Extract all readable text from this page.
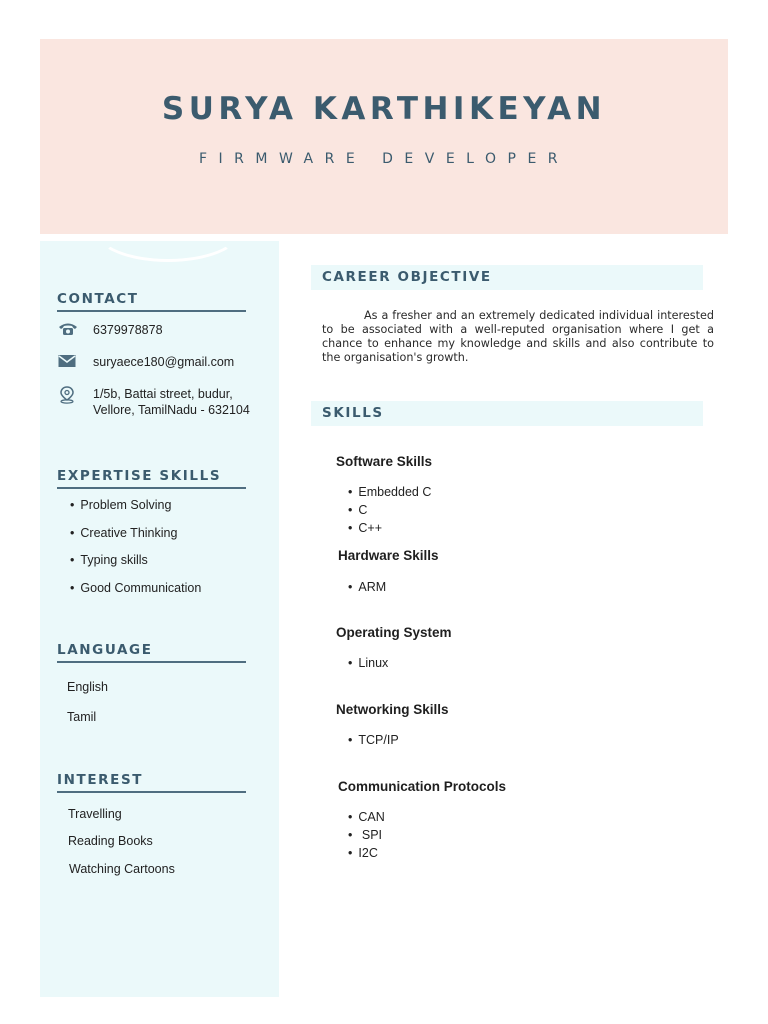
SURYA KARTHIKEYAN
FIRMWARE DEVELOPER
CONTACT
6379978878
suryaece180@gmail.com
1/5b, Battai street, budur,
Vellore, TamilNadu - 632104
EXPERTISE SKILLS
• Problem Solving
• Creative Thinking
• Typing skills
• Good Communication
LANGUAGE
English
Tamil
INTEREST
Travelling
Reading Books
Watching Cartoons
CAREER OBJECTIVE
As a fresher and an extremely dedicated individual interested to be associated with a well-reputed organisation where I get a chance to enhance my knowledge and skills and also contribute to the organisation's growth.
SKILLS
Software Skills
• Embedded C
• C
• C++
Hardware Skills
• ARM
Operating System
• Linux
Networking Skills
• TCP/IP
Communication Protocols
• CAN
•  SPI
• I2C
